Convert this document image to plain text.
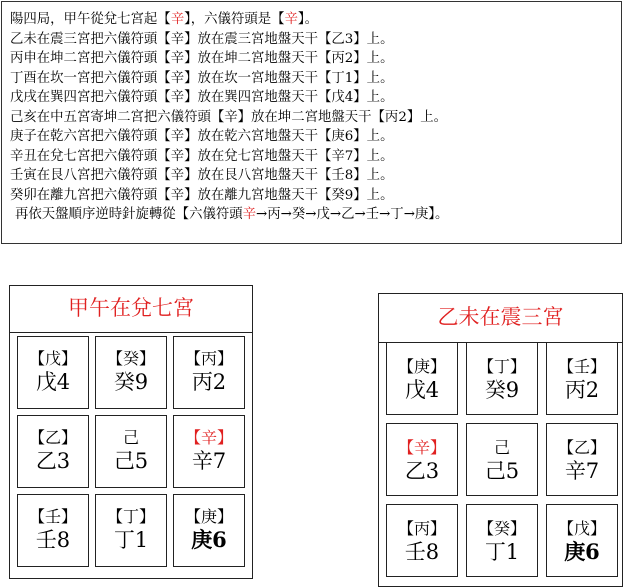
陽四局，甲午從兌七宮起【辛】，六儀符頭是【辛】。
乙未在震三宮把六儀符頭【辛】放在震三宮地盤天干【乙3】上。
丙申在坤二宮把六儀符頭【辛】放在坤二宮地盤天干【丙2】上。
丁酉在坎一宮把六儀符頭【辛】放在坎一宮地盤天干【丁1】上。
戊戌在巽四宮把六儀符頭【辛】放在巽四宮地盤天干【戊4】上。
己亥在中五宮寄坤二宮把六儀符頭【辛】放在坤二宮地盤天干【丙2】上。
庚子在乾六宮把六儀符頭【辛】放在乾六宮地盤天干【庚6】上。
辛丑在兌七宮把六儀符頭【辛】放在兌七宮地盤天干【辛7】上。
壬寅在艮八宮把六儀符頭【辛】放在艮八宮地盤天干【壬8】上。
癸卯在離九宮把六儀符頭【辛】放在離九宮地盤天干【癸9】上。
再依天盤順序逆時針旋轉從【六儀符頭辛→丙→癸→戊→乙→壬→丁→庚】。
甲午在兌七宮
【戊】
戊4
【癸】
癸9
【丙】
丙2
【乙】
乙3
己
己5
【辛】
辛7
【壬】
壬8
【丁】
丁1
【庚】
庚6
乙未在震三宮
【庚】
戊4
【丁】
癸9
【壬】
丙2
【辛】
乙3
己
己5
【乙】
辛7
【丙】
壬8
【癸】
丁1
【戊】
庚6
